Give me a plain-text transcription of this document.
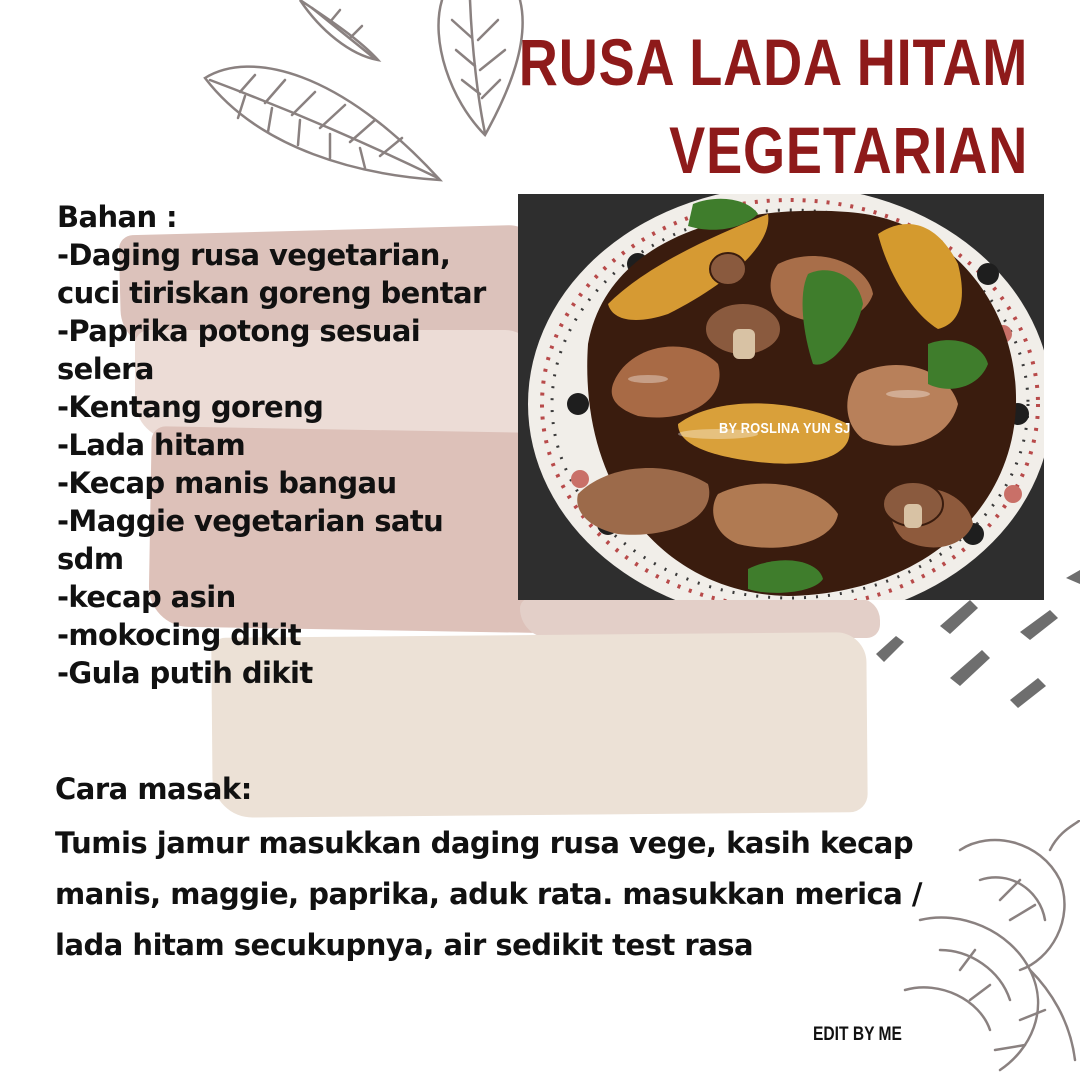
RUSA LADA HITAM
VEGETARIAN
Bahan :
-Daging rusa vegetarian,
cuci tiriskan goreng bentar
-Paprika potong sesuai
selera
-Kentang goreng
-Lada hitam
-Kecap manis bangau
-Maggie vegetarian satu
sdm
-kecap asin
-mokocing dikit
-Gula putih dikit
BY ROSLINA YUN SJ
Cara masak:
Tumis jamur masukkan daging rusa vege, kasih kecap
manis, maggie, paprika, aduk rata. masukkan merica /
lada hitam secukupnya, air sedikit test rasa
EDIT BY ME
